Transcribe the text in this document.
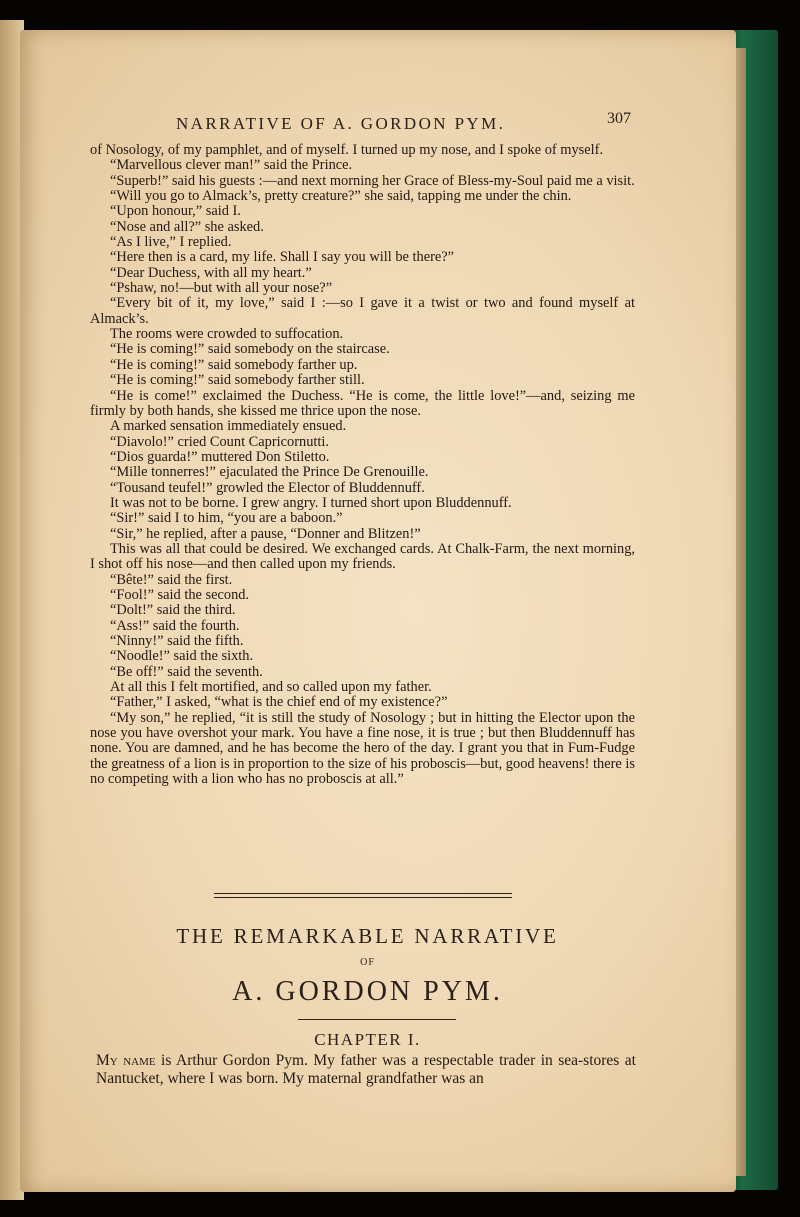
NARRATIVE OF A. GORDON PYM.	307

of Nosology, of my pamphlet, and of myself. I turned up my nose, and I spoke of myself.

“Marvellous clever man!” said the Prince.

“Superb!” said his guests :—and next morning her Grace of Bless-my-Soul paid me a visit.

“Will you go to Almack’s, pretty creature?” she said, tapping me under the chin.

“Upon honour,” said I.

“Nose and all?” she asked.

“As I live,” I replied.

“Here then is a card, my life. Shall I say you will be there?”

“Dear Duchess, with all my heart.”

“Pshaw, no!—but with all your nose?”

“Every bit of it, my love,” said I :—so I gave it a twist or two and found myself at Almack’s.

The rooms were crowded to suffocation.

“He is coming!” said somebody on the staircase.

“He is coming!” said somebody farther up.

“He is coming!” said somebody farther still.

“He is come!” exclaimed the Duchess. “He is come, the little love!”—and, seizing me firmly by both hands, she kissed me thrice upon the nose.

A marked sensation immediately ensued.

“Diavolo!” cried Count Capricornutti.

“Dios guarda!” muttered Don Stiletto.

“Mille tonnerres!” ejaculated the Prince De Grenouille.

“Tousand teufel!” growled the Elector of Bluddennuff.

It was not to be borne. I grew angry. I turned short upon Bluddennuff.

“Sir!” said I to him, “you are a baboon.”

“Sir,” he replied, after a pause, “Donner and Blitzen!”

This was all that could be desired. We exchanged cards. At Chalk-Farm, the next morning, I shot off his nose—and then called upon my friends.

“Bête!” said the first.

“Fool!” said the second.

“Dolt!” said the third.

“Ass!” said the fourth.

“Ninny!” said the fifth.

“Noodle!” said the sixth.

“Be off!” said the seventh.

At all this I felt mortified, and so called upon my father.

“Father,” I asked, “what is the chief end of my existence?”

“My son,” he replied, “it is still the study of Nosology ; but in hitting the Elector upon the nose you have overshot your mark. You have a fine nose, it is true ; but then Bluddennuff has none. You are damned, and he has become the hero of the day. I grant you that in Fum-Fudge the greatness of a lion is in proportion to the size of his proboscis—but, good heavens! there is no competing with a lion who has no proboscis at all.”

THE REMARKABLE NARRATIVE
OF
A. GORDON PYM.
CHAPTER I.
My name is Arthur Gordon Pym. My father was a respectable trader in sea-stores at Nantucket, where I was born. My maternal grandfather was an
